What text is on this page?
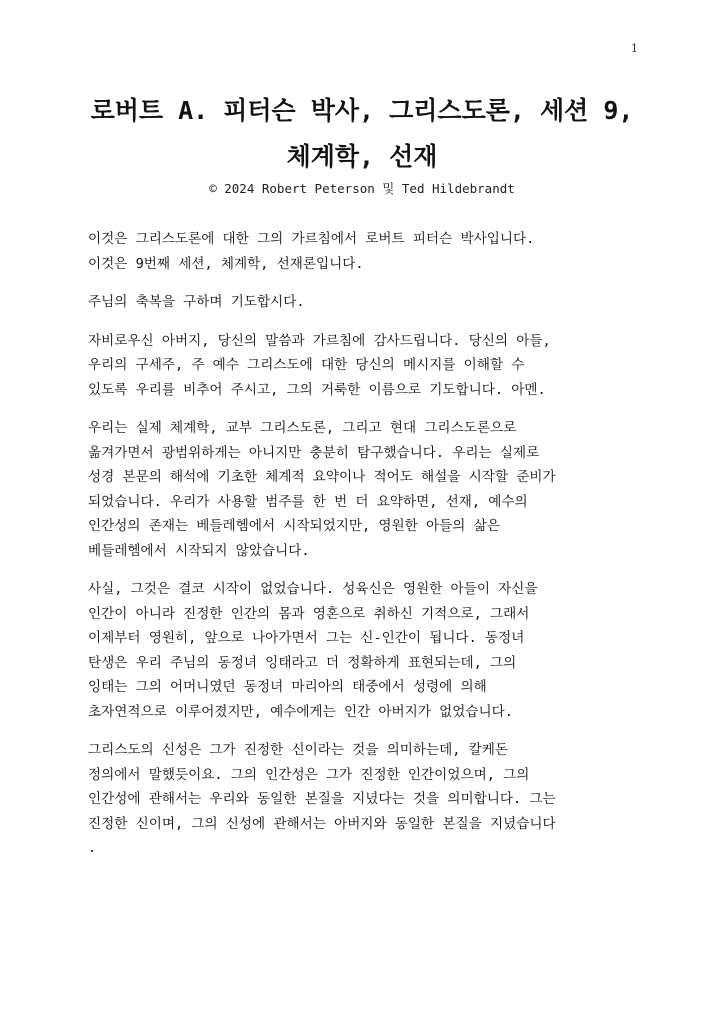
1
로버트 A. 피터슨 박사, 그리스도론, 세션 9,
체계학, 선재
© 2024 Robert Peterson 및 Ted Hildebrandt

이것은 그리스도론에 대한 그의 가르침에서 로버트 피터슨 박사입니다.
이것은 9번째 세션, 체계학, 선재론입니다.

주님의 축복을 구하며 기도합시다.

자비로우신 아버지, 당신의 말씀과 가르침에 감사드립니다. 당신의 아들,
우리의 구세주, 주 예수 그리스도에 대한 당신의 메시지를 이해할 수
있도록 우리를 비추어 주시고, 그의 거룩한 이름으로 기도합니다. 아멘.

우리는 실제 체계학, 교부 그리스도론, 그리고 현대 그리스도론으로
옮겨가면서 광범위하게는 아니지만 충분히 탐구했습니다. 우리는 실제로
성경 본문의 해석에 기초한 체계적 요약이나 적어도 해설을 시작할 준비가
되었습니다. 우리가 사용할 범주를 한 번 더 요약하면, 선재, 예수의
인간성의 존재는 베들레헴에서 시작되었지만, 영원한 아들의 삶은
베들레헴에서 시작되지 않았습니다.

사실, 그것은 결코 시작이 없었습니다. 성육신은 영원한 아들이 자신을
인간이 아니라 진정한 인간의 몸과 영혼으로 취하신 기적으로, 그래서
이제부터 영원히, 앞으로 나아가면서 그는 신-인간이 됩니다. 동정녀
탄생은 우리 주님의 동정녀 잉태라고 더 정확하게 표현되는데, 그의
잉태는 그의 어머니였던 동정녀 마리아의 태중에서 성령에 의해
초자연적으로 이루어졌지만, 예수에게는 인간 아버지가 없었습니다.

그리스도의 신성은 그가 진정한 신이라는 것을 의미하는데, 칼케돈
정의에서 말했듯이요. 그의 인간성은 그가 진정한 인간이었으며, 그의
인간성에 관해서는 우리와 동일한 본질을 지녔다는 것을 의미합니다. 그는
진정한 신이며, 그의 신성에 관해서는 아버지와 동일한 본질을 지녔습니다
.
